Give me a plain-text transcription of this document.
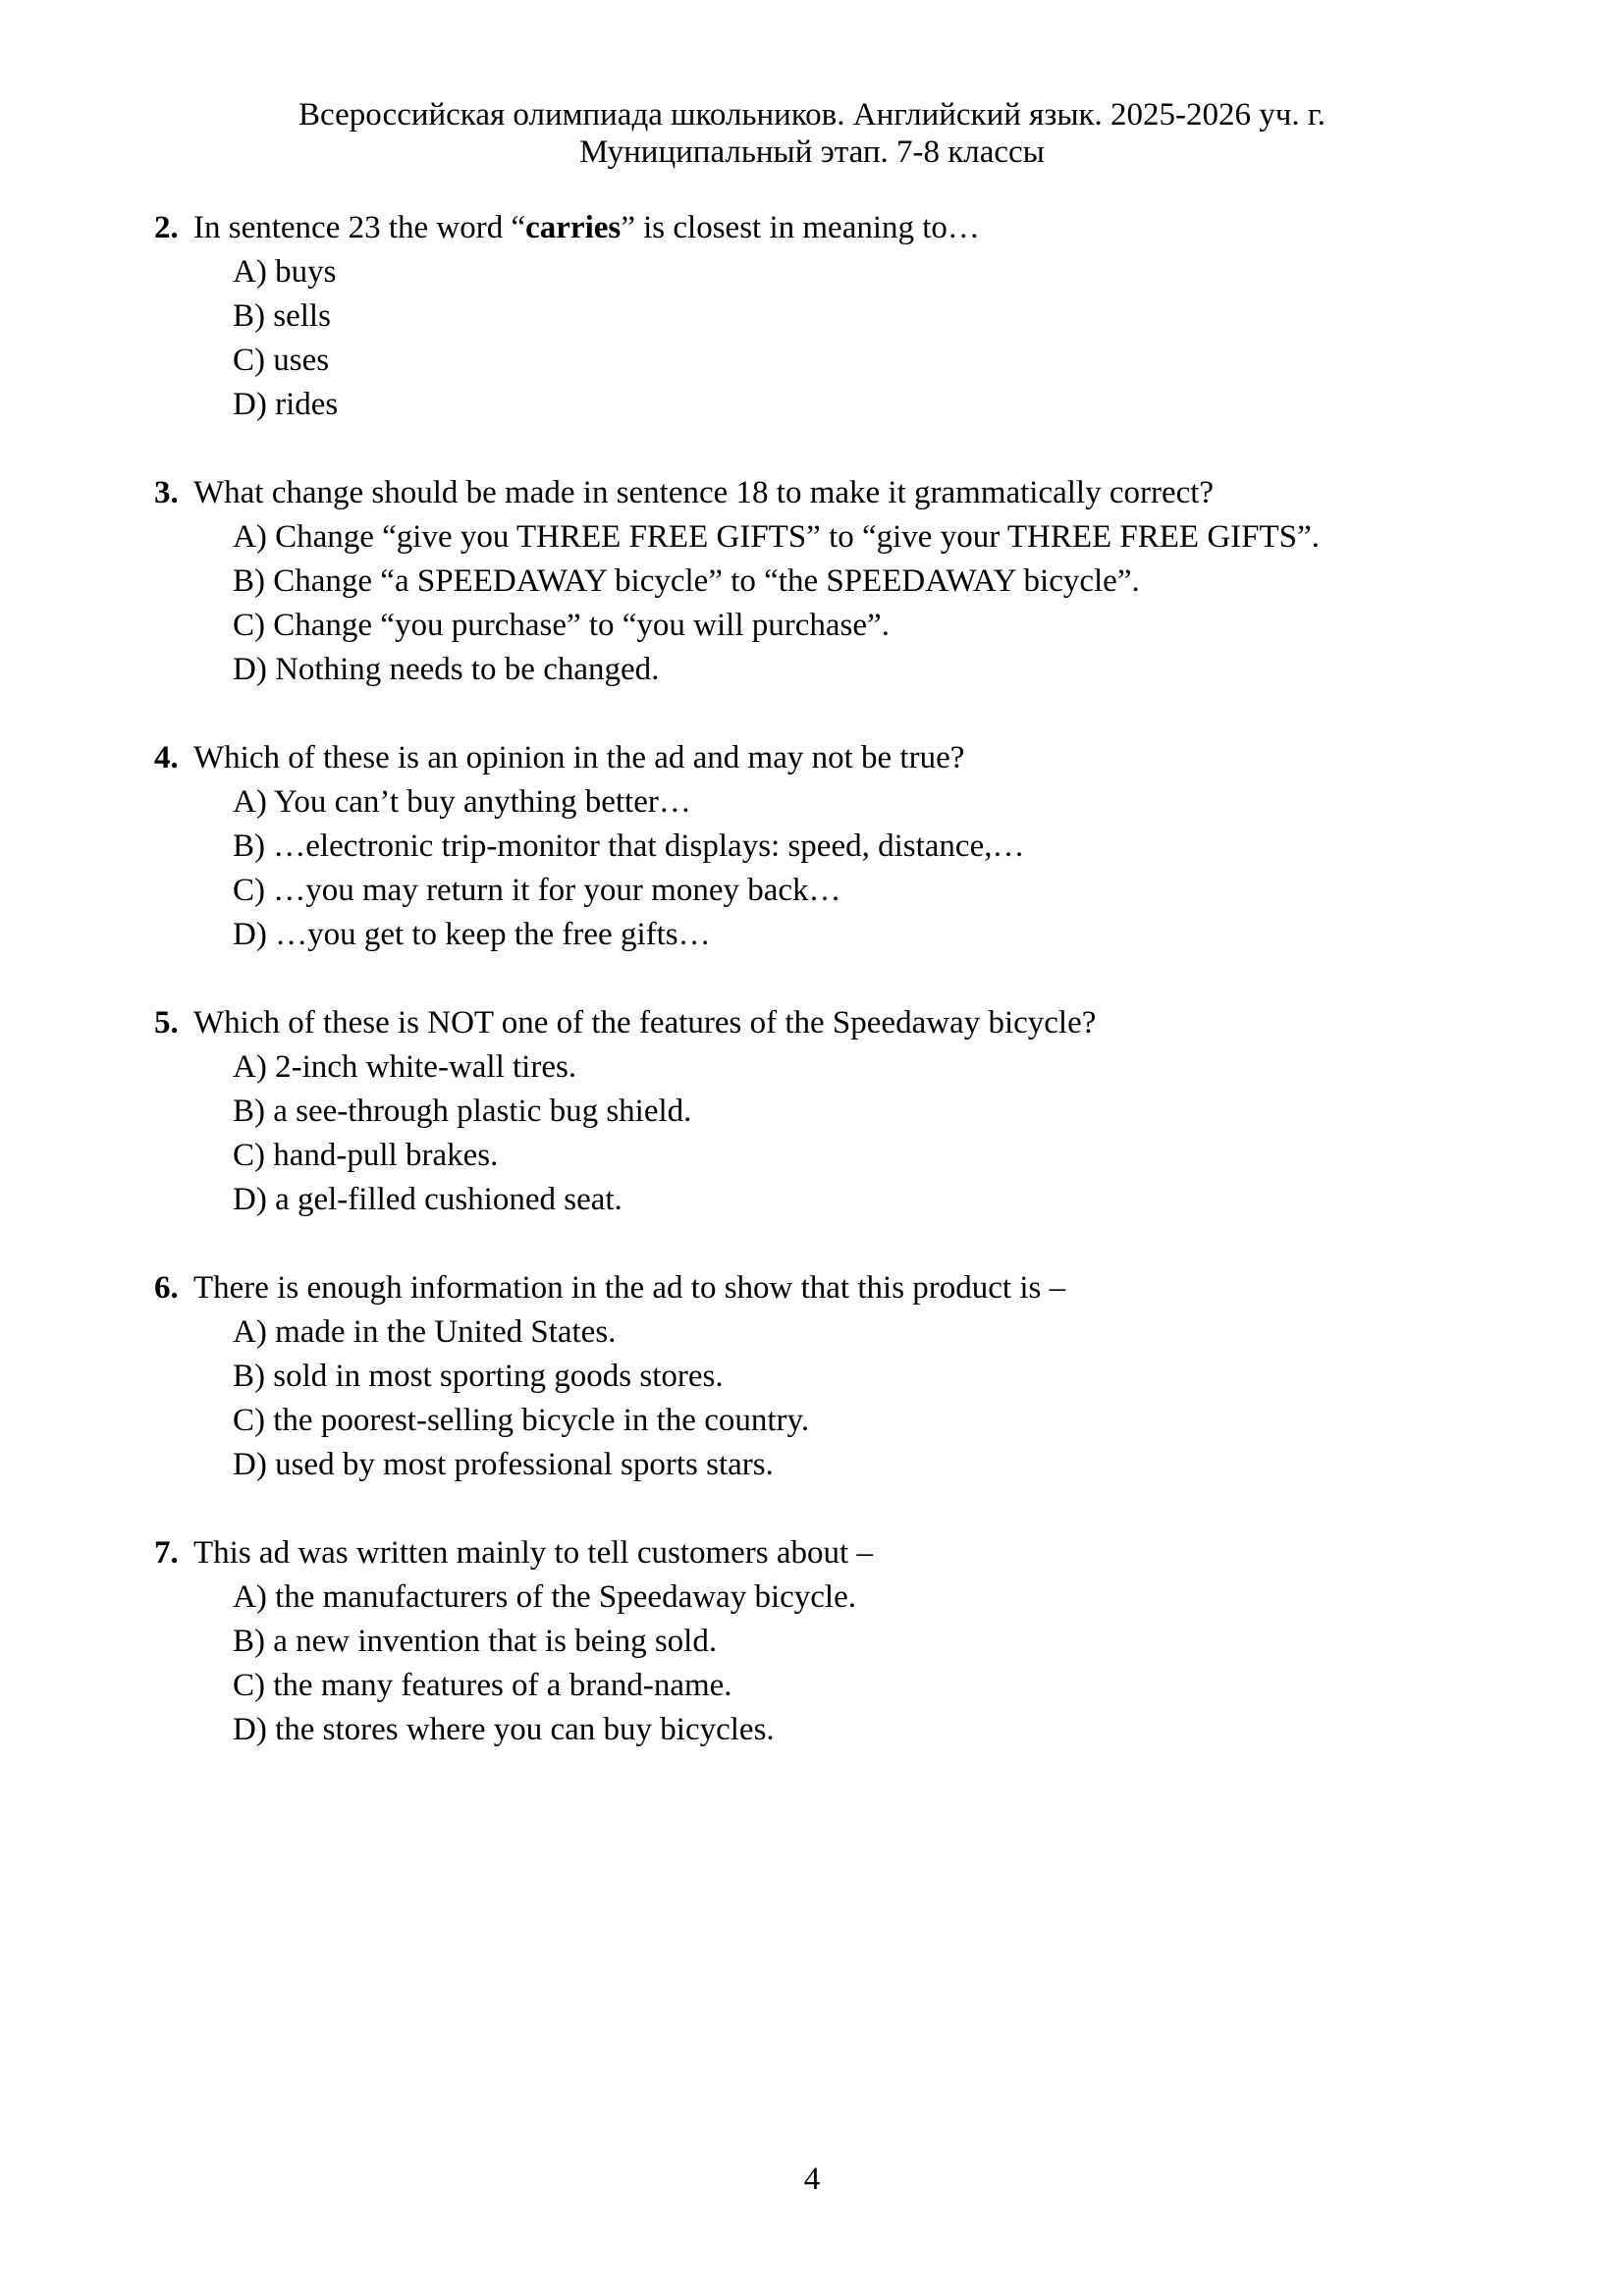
Всероссийская олимпиада школьников. Английский язык. 2025-2026 уч. г.

Муниципальный этап. 7-8 классы

2. In sentence 23 the word “carries” is closest in meaning to…

A) buys

B) sells

C) uses

D) rides

3. What change should be made in sentence 18 to make it grammatically correct?

A) Change “give you THREE FREE GIFTS” to “give your THREE FREE GIFTS”.

B) Change “a SPEEDAWAY bicycle” to “the SPEEDAWAY bicycle”.

C) Change “you purchase” to “you will purchase”.

D) Nothing needs to be changed.

4. Which of these is an opinion in the ad and may not be true?

A) You can’t buy anything better…

B) …electronic trip-monitor that displays: speed, distance,…

C) …you may return it for your money back…

D) …you get to keep the free gifts…

5. Which of these is NOT one of the features of the Speedaway bicycle?

A) 2-inch white-wall tires.

B) a see-through plastic bug shield.

C) hand-pull brakes.

D) a gel-filled cushioned seat.

6. There is enough information in the ad to show that this product is –

A) made in the United States.

B) sold in most sporting goods stores.

C) the poorest-selling bicycle in the country.

D) used by most professional sports stars.

7. This ad was written mainly to tell customers about –

A) the manufacturers of the Speedaway bicycle.

B) a new invention that is being sold.

C) the many features of a brand-name.

D) the stores where you can buy bicycles.

4
